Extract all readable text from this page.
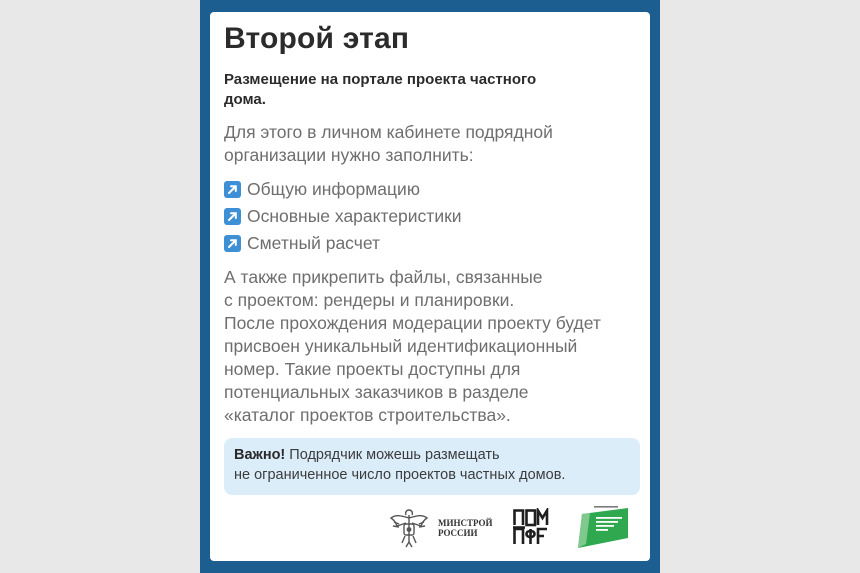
Второй этап

Размещение на портале проекта частного
дома.

Для этого в личном кабинете подрядной
организации нужно заполнить:

Общую информацию
Основные характеристики
Сметный расчет

А также прикрепить файлы, связанные
с проектом: рендеры и планировки.
После прохождения модерации проекту будет
присвоен уникальный идентификационный
номер. Такие проекты доступны для
потенциальных заказчиков в разделе
«каталог проектов строительства».

Важно! Подрядчик можешь размещать
не ограниченное число проектов частных домов.
МИНСТРОЙ
РОССИИ
